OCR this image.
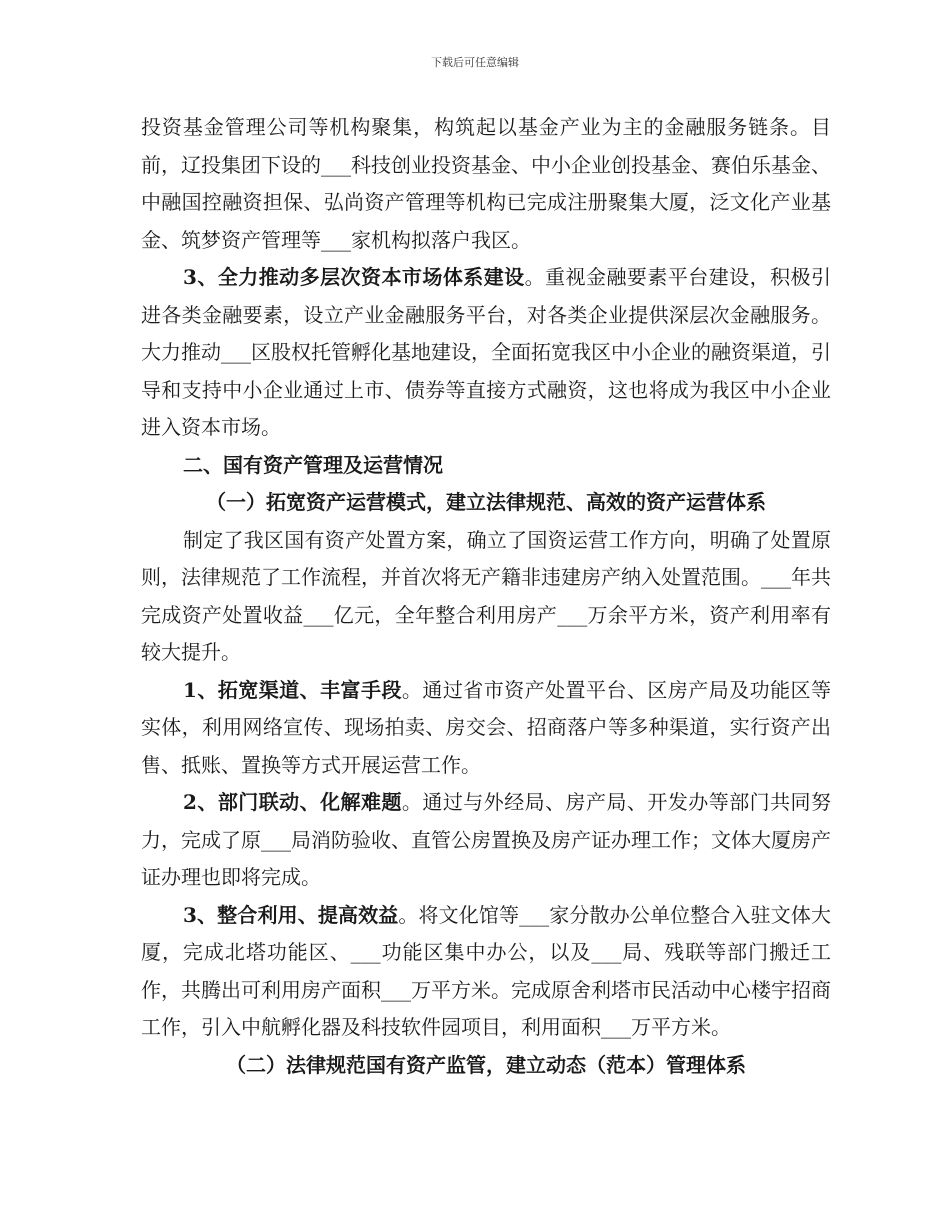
下载后可任意编辑

投资基金管理公司等机构聚集，构筑起以基金产业为主的金融服务链条。目前，辽投集团下设的___科技创业投资基金、中小企业创投基金、赛伯乐基金、中融国控融资担保、弘尚资产管理等机构已完成注册聚集大厦，泛文化产业基金、筑梦资产管理等___家机构拟落户我区。

3、全力推动多层次资本市场体系建设。重视金融要素平台建设，积极引进各类金融要素，设立产业金融服务平台，对各类企业提供深层次金融服务。大力推动___区股权托管孵化基地建设，全面拓宽我区中小企业的融资渠道，引导和支持中小企业通过上市、债券等直接方式融资，这也将成为我区中小企业进入资本市场。

二、国有资产管理及运营情况

（一）拓宽资产运营模式，建立法律规范、高效的资产运营体系

制定了我区国有资产处置方案，确立了国资运营工作方向，明确了处置原则，法律规范了工作流程，并首次将无产籍非违建房产纳入处置范围。___年共完成资产处置收益___亿元，全年整合利用房产___万余平方米，资产利用率有较大提升。

1、拓宽渠道、丰富手段。通过省市资产处置平台、区房产局及功能区等实体，利用网络宣传、现场拍卖、房交会、招商落户等多种渠道，实行资产出售、抵账、置换等方式开展运营工作。

2、部门联动、化解难题。通过与外经局、房产局、开发办等部门共同努力，完成了原___局消防验收、直管公房置换及房产证办理工作；文体大厦房产证办理也即将完成。

3、整合利用、提高效益。将文化馆等___家分散办公单位整合入驻文体大厦，完成北塔功能区、___功能区集中办公，以及___局、残联等部门搬迁工作，共腾出可利用房产面积___万平方米。完成原舍利塔市民活动中心楼宇招商工作，引入中航孵化器及科技软件园项目，利用面积___万平方米。

（二）法律规范国有资产监管，建立动态（范本）管理体系
